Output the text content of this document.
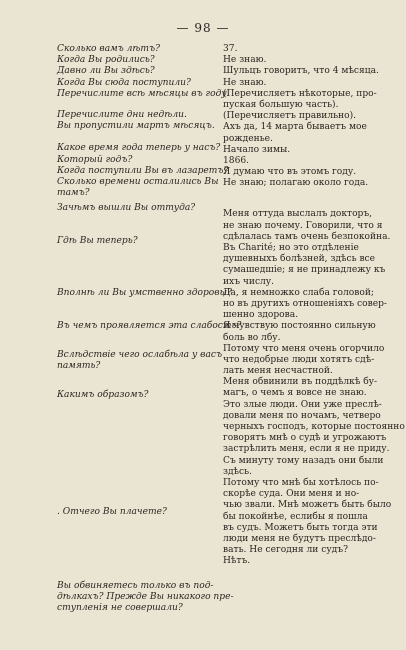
— 98 —
Сколько вамъ лѣтъ?
Когда Вы родились?
Давно ли Вы здѣсь?
Когда Вы сюда поступили?
Перечислите всѣ мѣсяцы въ году.
Перечислите дни недѣли.
Вы пропустили мартъ мѣсяцъ.
Какое время года теперь у насъ?
Который годъ?
Когда поступили Вы въ лазаретъ?
Сколько времени осталились Вы
тамъ?
Зачѣмъ вышли Вы оттуда?
Гдѣ Вы теперь?
Вполнѣ ли Вы умственно здоровы?
Въ чемъ проявляется эта слабость?
Вслѣдствіе чего ослабѣла у васъ
память?
Какимъ образомъ?
. Отчего Вы плачете?
Вы обвиняетесь только въ под-
дѣлкахъ? Прежде Вы никакого пре-
ступленія не совершали?
37.
Не знаю.
Шульцъ говоритъ, что 4 мѣсяца.
Не знаю.
(Перечисляетъ нѣкоторые, про-
пуская большую часть).
(Перечисляетъ правильно).
Ахъ да, 14 марта бываетъ мое
рожденье.
Начало зимы.
1866.
Я думаю что въ этомъ году.
Не знаю; полагаю около года.
Меня оттуда выслалъ докторъ,
не знаю почему. Говорили, что я
сдѣлалась тамъ очень безпокойна.
Въ Charité; но это отдѣленіе
душевныхъ болѣзней, здѣсь все
сумашедшіе; я не принадлежу къ
ихъ числу.
Да, я немножко слаба головой;
но въ другихъ отношеніяхъ совер-
шенно здорова.
Я чувствую постоянно сильную
боль во лбу.
Потому что меня очень огорчило
что недобрые люди хотятъ сдѣ-
лать меня несчастной.
Меня обвинили въ поддѣлкѣ бу-
магъ, о чемъ я вовсе не знаю.
Это злые люди. Они уже преслѣ-
довали меня по ночамъ, четверо
черныхъ господъ, которые постоянно
говорятъ мнѣ о судѣ и угрожаютъ
застрѣлить меня, если я не приду.
Съ минуту тому назадъ они были
здѣсь.
Потому что мнѣ бы хотѣлось по-
скорѣе суда. Они меня и но-
чью звали. Мнѣ можетъ быть было
бы покойнѣе, еслибы я пошла
въ судъ. Можетъ быть тогда эти
люди меня не будутъ преслѣдо-
вать. Не сегодня ли судъ?
Нѣтъ.
